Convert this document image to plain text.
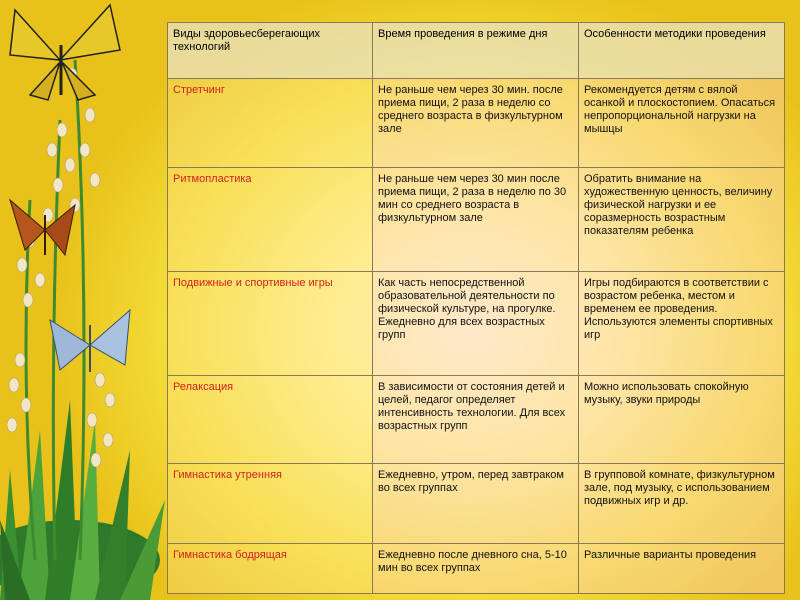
Виды здоровьесберегающих технологий	Время проведения в режиме дня	Особенности методики проведения
Стретчинг	Не раньше чем через 30 мин. после приема пищи, 2 раза в неделю со среднего возраста в физкультурном зале	Рекомендуется детям с вялой осанкой и плоскостопием. Опасаться непропорциональной нагрузки на мышцы
Ритмопластика	Не раньше чем через 30 мин после приема пищи, 2 раза в неделю по 30 мин со среднего возраста в физкультурном зале	Обратить внимание на художественную ценность, величину физической нагрузки и ее соразмерность возрастным показателям ребенка
Подвижные и спортивные игры	Как часть непосредственной образовательной деятельности по физической культуре, на прогулке. Ежедневно для всех возрастных групп	Игры подбираются в соответствии с возрастом ребенка, местом и временем ее проведения. Используются элементы спортивных игр
Релаксация	В зависимости от состояния детей и целей, педагог определяет интенсивность технологии. Для всех возрастных групп	Можно использовать спокойную музыку, звуки природы
Гимнастика утренняя	Ежедневно, утром, перед завтраком во всех группах	В групповой комнате, физкультурном зале, под музыку, с использованием подвижных игр и др.
Гимнастика бодрящая	Ежедневно после дневного сна, 5-10 мин во всех группах	Различные варианты проведения
